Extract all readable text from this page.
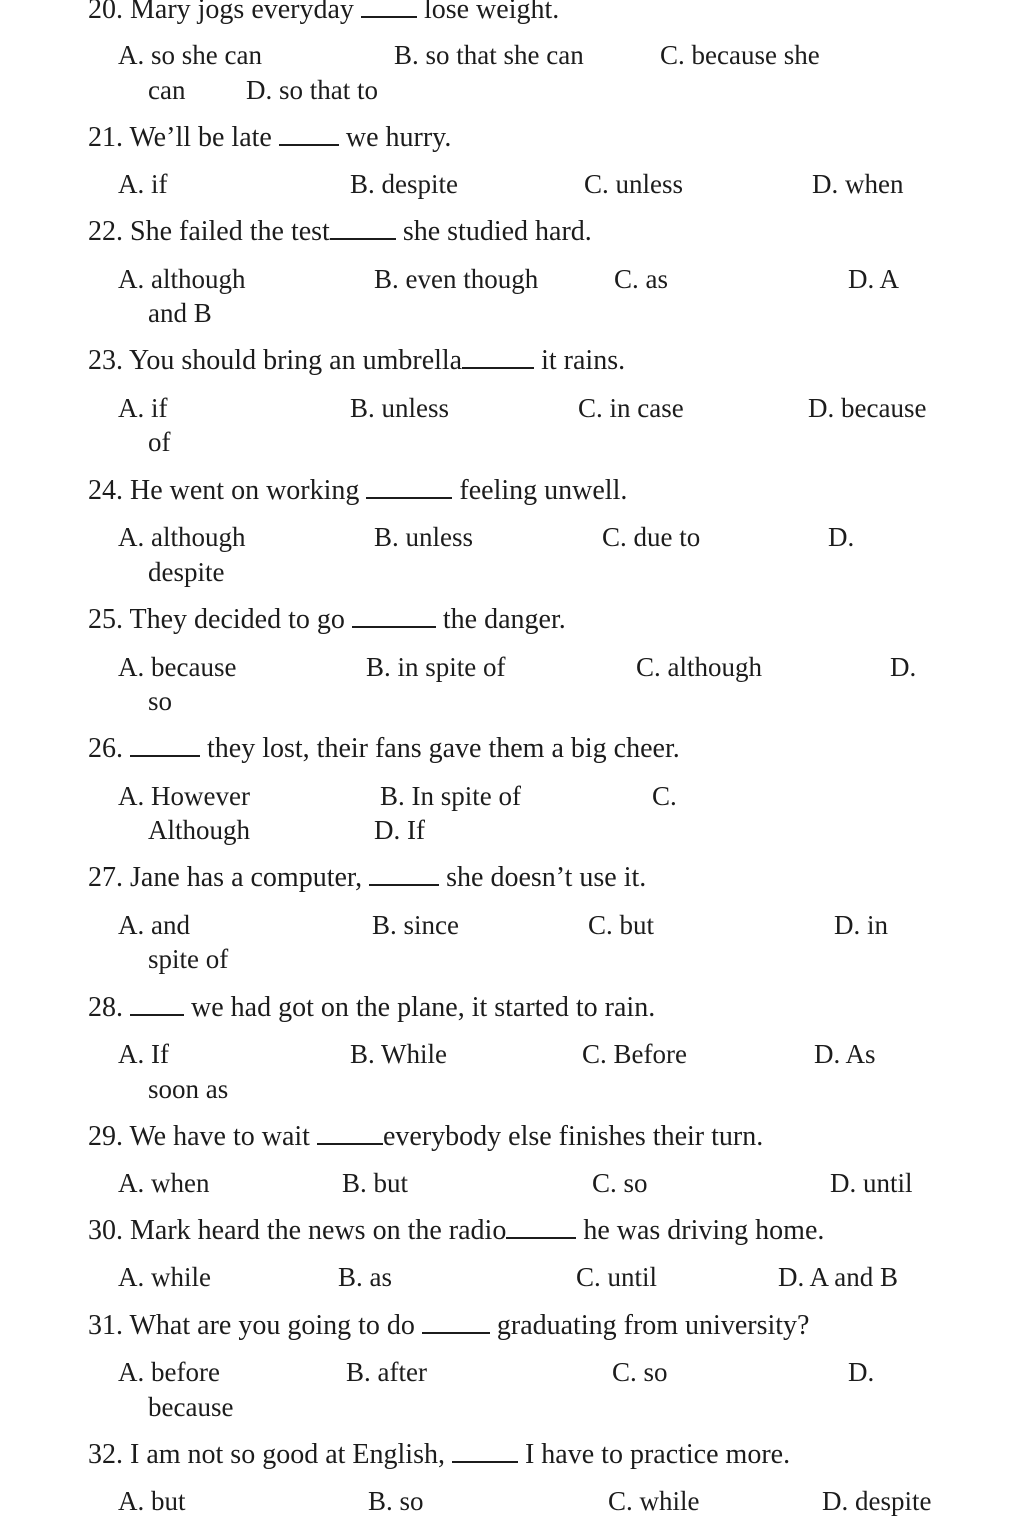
20. Mary jogs everyday	lose weight.
A. so she can	B. so that she can	C. because she
can D. so that to
21. We’ll be late	we hurry.
A. if	B. despite	C. unless	D. when
22. She failed the test	she studied hard.
A. although	B. even though	C. as	D. A
and B
23. You should bring an umbrella	it rains.
A. if	B. unless	C. in case	D. because
of
24. He went on working	feeling unwell.
A. although	B. unless	C. due to	D.
despite
25. They decided to go	the danger.
A. because	B. in spite of	C. although	D.
so
26.	they lost, their fans gave them a big cheer.
A. However	B. In spite of	C.
Although	D. If
27. Jane has a computer,	she doesn’t use it.
A. and	B. since	C. but	D. in
spite of
28. we had got on the plane, it started to rain.
A. If	B. While	C. Before	D. As
soon as
29. We have to wait	everybody else finishes their turn.
A. when	B. but	C. so	D. until
30. Mark heard the news on the radio	he was driving home.
A. while	B. as	C. until	D. A and B
31. What are you going to do	graduating from university?
A. before	B. after	C. so	D.
because
32. I am not so good at English,	I have to practice more.
A. but	B. so	C. while	D. despite
